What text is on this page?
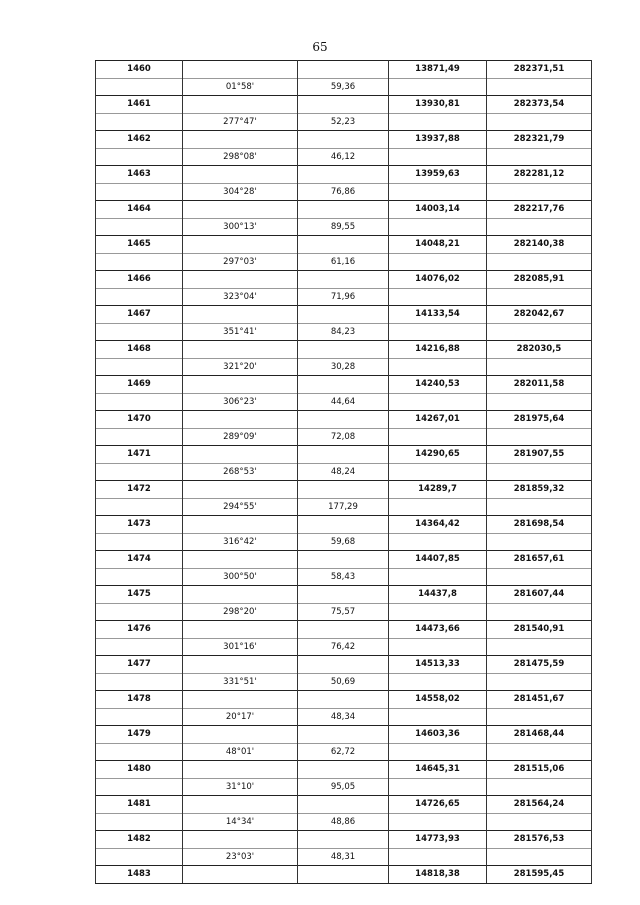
65
1460			13871,49	282371,51
	01°58'	59,36		
1461			13930,81	282373,54
	277°47'	52,23		
1462			13937,88	282321,79
	298°08'	46,12		
1463			13959,63	282281,12
	304°28'	76,86		
1464			14003,14	282217,76
	300°13'	89,55		
1465			14048,21	282140,38
	297°03'	61,16		
1466			14076,02	282085,91
	323°04'	71,96		
1467			14133,54	282042,67
	351°41'	84,23		
1468			14216,88	282030,5
	321°20'	30,28		
1469			14240,53	282011,58
	306°23'	44,64		
1470			14267,01	281975,64
	289°09'	72,08		
1471			14290,65	281907,55
	268°53'	48,24		
1472			14289,7	281859,32
	294°55'	177,29		
1473			14364,42	281698,54
	316°42'	59,68		
1474			14407,85	281657,61
	300°50'	58,43		
1475			14437,8	281607,44
	298°20'	75,57		
1476			14473,66	281540,91
	301°16'	76,42		
1477			14513,33	281475,59
	331°51'	50,69		
1478			14558,02	281451,67
	20°17'	48,34		
1479			14603,36	281468,44
	48°01'	62,72		
1480			14645,31	281515,06
	31°10'	95,05		
1481			14726,65	281564,24
	14°34'	48,86		
1482			14773,93	281576,53
	23°03'	48,31		
1483			14818,38	281595,45
